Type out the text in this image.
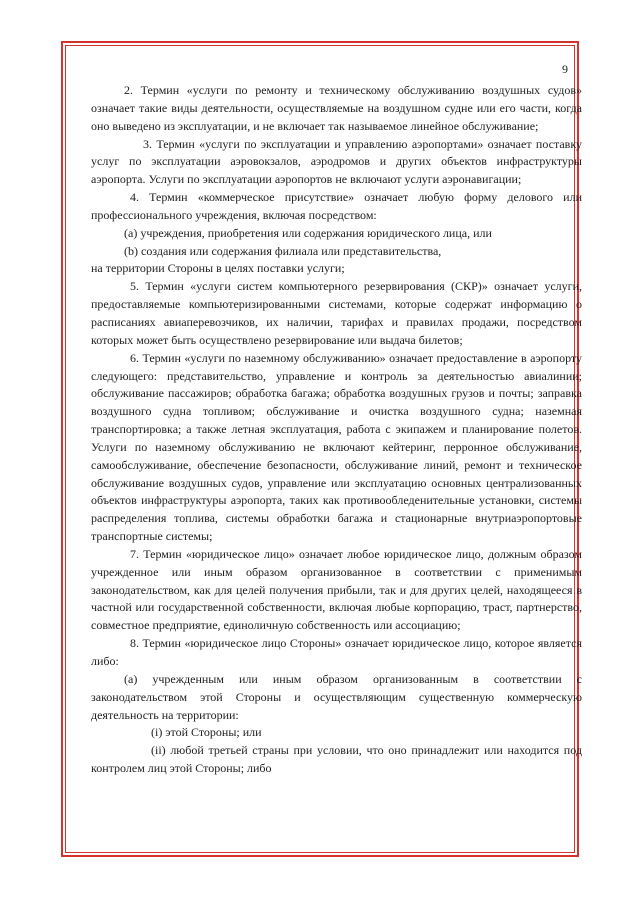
9

2. Термин «услуги по ремонту и техническому обслуживанию воздушных судов» означает такие виды деятельности, осуществляемые на воздушном судне или его части, когда оно выведено из эксплуатации, и не включает так называемое линейное обслуживание;

3. Термин «услуги по эксплуатации и управлению аэропортами» означает поставку услуг по эксплуатации аэровокзалов, аэродромов и других объектов инфраструктуры аэропорта. Услуги по эксплуатации аэропортов не включают услуги аэронавигации;

4. Термин «коммерческое присутствие» означает любую форму делового или профессионального учреждения, включая посредством:

(a) учреждения, приобретения или содержания юридического лица, или

(b) создания или содержания филиала или представительства,

на территории Стороны в целях поставки услуги;

5. Термин «услуги систем компьютерного резервирования (СКР)» означает услуги, предоставляемые компьютеризированными системами, которые содержат информацию о расписаниях авиаперевозчиков, их наличии, тарифах и правилах продажи, посредством которых может быть осуществлено резервирование или выдача билетов;

6. Термин «услуги по наземному обслуживанию» означает предоставление в аэропорту следующего: представительство, управление и контроль за деятельностью авиалинии; обслуживание пассажиров; обработка багажа; обработка воздушных грузов и почты; заправка воздушного судна топливом; обслуживание и очистка воздушного судна; наземная транспортировка; а также летная эксплуатация, работа с экипажем и планирование полетов. Услуги по наземному обслуживанию не включают кейтеринг, перронное обслуживание, самообслуживание, обеспечение безопасности, обслуживание линий, ремонт и техническое обслуживание воздушных судов, управление или эксплуатацию основных централизованных объектов инфраструктуры аэропорта, таких как противообледенительные установки, системы распределения топлива, системы обработки багажа и стационарные внутриаэропортовые транспортные системы;

7. Термин «юридическое лицо» означает любое юридическое лицо, должным образом учрежденное или иным образом организованное в соответствии с применимым законодательством, как для целей получения прибыли, так и для других целей, находящееся в частной или государственной собственности, включая любые корпорацию, траст, партнерство, совместное предприятие, единоличную собственность или ассоциацию;

8. Термин «юридическое лицо Стороны» означает юридическое лицо, которое является либо:

(a) учрежденным или иным образом организованным в соответствии с законодательством этой Стороны и осуществляющим существенную коммерческую деятельность на территории:

(i) этой Стороны; или

(ii) любой третьей страны при условии, что оно принадлежит или находится под контролем лиц этой Стороны; либо
